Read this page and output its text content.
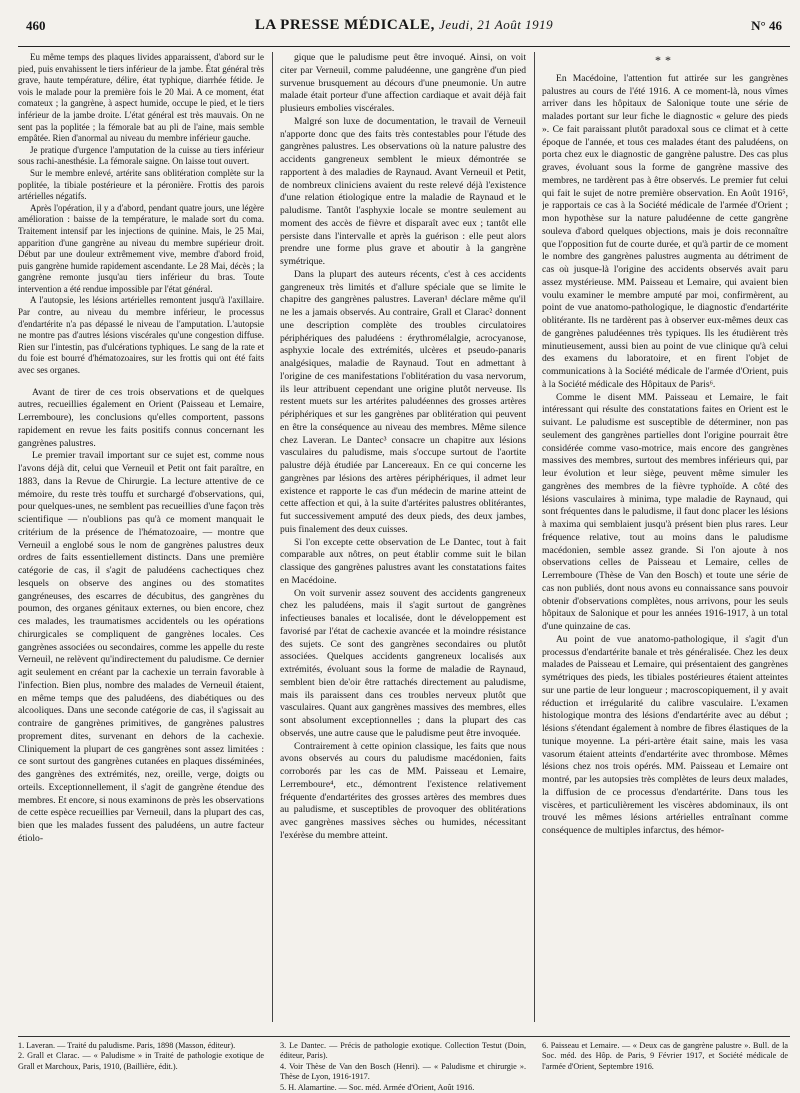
460	LA PRESSE MÉDICALE, Jeudi, 21 Août 1919	N° 46

Eu même temps des plaques livides apparaissent, d'abord sur le pied, puis envahissent le tiers inférieur de la jambe. État général très grave, haute température, délire, état typhique, diarrhée fétide. Je vois le malade pour la première fois le 20 Mai. A ce moment, état comateux ; la gangrène, à aspect humide, occupe le pied, et le tiers inférieur de la jambe droite. L'état général est très mauvais. On ne sent pas la poplitée ; la fémorale bat au pli de l'aine, mais semble empâtée. Rien d'anormal au niveau du membre inférieur gauche.

Je pratique d'urgence l'amputation de la cuisse au tiers inférieur sous rachi-anesthésie. La fémorale saigne. On laisse tout ouvert.

Sur le membre enlevé, artérite sans oblitération complète sur la poplitée, la tibiale postérieure et la péronière. Frottis des parois artérielles négatifs.

Après l'opération, il y a d'abord, pendant quatre jours, une légère amélioration : baisse de la température, le malade sort du coma. Traitement intensif par les injections de quinine. Mais, le 25 Mai, apparition d'une gangrène au niveau du membre supérieur droit. Début par une douleur extrêmement vive, membre d'abord froid, puis gangrène humide rapidement ascendante. Le 28 Mai, décès ; la gangrène remonte jusqu'au tiers inférieur du bras. Toute intervention a été rendue impossible par l'état général.

A l'autopsie, les lésions artérielles remontent jusqu'à l'axillaire. Par contre, au niveau du membre inférieur, le processus d'endartérite n'a pas dépassé le niveau de l'amputation. L'autopsie ne montre pas d'autres lésions viscérales qu'une congestion diffuse. Rien sur l'intestin, pas d'ulcérations typhiques. Le sang de la rate et du foie est bourré d'hématozoaires, sur les frottis qui ont été faits avec ses organes.

Avant de tirer de ces trois observations et de quelques autres, recueillies également en Orient (Paisseau et Lemaire, Lerremboure), les conclusions qu'elles comportent, passons rapidement en revue les faits positifs connus concernant les gangrènes palustres.

Le premier travail important sur ce sujet est, comme nous l'avons déjà dit, celui que Verneuil et Petit ont fait paraître, en 1883, dans la Revue de Chirurgie. La lecture attentive de ce mémoire, du reste très touffu et surchargé d'observations, qui, pour quelques-unes, ne semblent pas recueillies d'une façon très scientifique — n'oublions pas qu'à ce moment manquait le critérium de la présence de l'hématozoaire, — montre que Verneuil a englobé sous le nom de gangrènes palustres deux ordres de faits essentiellement distincts. Dans une première catégorie de cas, il s'agit de paludéens cachectiques chez lesquels on observe des angines ou des stomatites gangréneuses, des escarres de décubitus, des gangrènes du poumon, des organes génitaux externes, ou bien encore, chez ces malades, les traumatismes accidentels ou les opérations chirurgicales se compliquent de gangrènes locales. Ces gangrènes associées ou secondaires, comme les appelle du reste Verneuil, ne relèvent qu'indirectement du paludisme. Ce dernier agit seulement en créant par la cachexie un terrain favorable à l'infection. Bien plus, nombre des malades de Verneuil étaient, en même temps que des paludéens, des diabétiques ou des alcooliques. Dans une seconde catégorie de cas, il s'agissait au contraire de gangrènes primitives, de gangrènes palustres proprement dites, survenant en dehors de la cachexie. Cliniquement la plupart de ces gangrènes sont assez limitées : ce sont surtout des gangrènes cutanées en plaques disséminées, des gangrènes des extrémités, nez, oreille, verge, doigts ou orteils. Exceptionnellement, il s'agit de gangrène étendue des membres. Et encore, si nous examinons de près les observations de cette espèce recueillies par Verneuil, dans la plupart des cas, bien que les malades fussent des paludéens, un autre facteur étiolo-

gique que le paludisme peut être invoqué. Ainsi, on voit citer par Verneuil, comme paludéenne, une gangrène d'un pied survenue brusquement au décours d'une pneumonie. Un autre malade était porteur d'une affection cardiaque et avait déjà fait plusieurs embolies viscérales.

Malgré son luxe de documentation, le travail de Verneuil n'apporte donc que des faits très contestables pour l'étude des gangrènes palustres. Les observations où la nature palustre des accidents gangreneux semblent le mieux démontrée se rapportent à des maladies de Raynaud. Avant Verneuil et Petit, de nombreux cliniciens avaient du reste relevé déjà l'existence d'une relation étiologique entre la maladie de Raynaud et le paludisme. Tantôt l'asphyxie locale se montre seulement au moment des accès de fièvre et disparaît avec eux ; tantôt elle persiste dans l'intervalle et après la guérison : elle peut alors prendre une forme plus grave et aboutir à la gangrène symétrique.

Dans la plupart des auteurs récents, c'est à ces accidents gangreneux très limités et d'allure spéciale que se limite le chapitre des gangrènes palustres. Laveran¹ déclare même qu'il ne les a jamais observés. Au contraire, Grall et Clarac² donnent une description complète des troubles circulatoires périphériques des paludéens : érythromélalgie, acrocyanose, asphyxie locale des extrémités, ulcères et pseudo-panaris analgésiques, maladie de Raynaud. Tout en admettant à l'origine de ces manifestations l'oblitération du vasa nervorum, ils leur attribuent cependant une origine plutôt nerveuse. Ils restent muets sur les artérites paludéennes des grosses artères périphériques et sur les gangrènes par oblitération qui peuvent en être la conséquence au niveau des membres. Même silence chez Laveran. Le Dantec³ consacre un chapitre aux lésions vasculaires du paludisme, mais s'occupe surtout de l'aortite palustre déjà étudiée par Lancereaux. En ce qui concerne les gangrènes par lésions des artères périphériques, il admet leur existence et rapporte le cas d'un médecin de marine atteint de cette affection et qui, à la suite d'artérites palustres oblitérantes, fut successivement amputé des deux pieds, des deux jambes, puis finalement des deux cuisses.

Si l'on excepte cette observation de Le Dantec, tout à fait comparable aux nôtres, on peut établir comme suit le bilan classique des gangrènes palustres avant les constatations faites en Macédoine.

On voit survenir assez souvent des accidents gangreneux chez les paludéens, mais il s'agit surtout de gangrènes infectieuses banales et localisée, dont le développement est favorisé par l'état de cachexie avancée et la moindre résistance des sujets. Ce sont des gangrènes secondaires ou plutôt associées. Quelques accidents gangreneux localisés aux extrémités, évoluant sous la forme de maladie de Raynaud, semblent bien de'oir être rattachés directement au paludisme, mais ils paraissent dans ces troubles nerveux plutôt que vasculaires. Quant aux gangrènes massives des membres, elles sont absolument exceptionnelles ; dans la plupart des cas observés, une autre cause que le paludisme peut être invoquée.

Contrairement à cette opinion classique, les faits que nous avons observés au cours du paludisme macédonien, faits corroborés par les cas de MM. Paisseau et Lemaire, Lerremboure⁴, etc., démontrent l'existence relativement fréquente d'endartérites des grosses artères des membres dues au paludisme, et susceptibles de provoquer des oblitérations avec gangrènes massives sèches ou humides, nécessitant l'exérèse du membre atteint.

**

En Macédoine, l'attention fut attirée sur les gangrènes palustres au cours de l'été 1916. A ce moment-là, nous vîmes arriver dans les hôpitaux de Salonique toute une série de malades portant sur leur fiche le diagnostic « gelure des pieds ». Ce fait paraissant plutôt paradoxal sous ce climat et à cette époque de l'année, et tous ces malades étant des paludéens, on porta chez eux le diagnostic de gangrène palustre. Des cas plus graves, évoluant sous la forme de gangrène massive des membres, ne tardèrent pas à être observés. Le premier fut celui qui fait le sujet de notre première observation. En Août 1916⁵, je rapportais ce cas à la Société médicale de l'armée d'Orient ; mon hypothèse sur la nature paludéenne de cette gangrène souleva d'abord quelques objections, mais je dois reconnaître que l'opposition fut de courte durée, et qu'à partir de ce moment le nombre des gangrènes palustres augmenta au détriment de cas où jusque-là l'origine des accidents observés avait paru assez mystérieuse. MM. Paisseau et Lemaire, qui avaient bien voulu examiner le membre amputé par moi, confirmèrent, au point de vue anatomo-pathologique, le diagnostic d'endartérite oblitérante. Ils ne tardèrent pas à observer eux-mêmes deux cas de gangrènes paludéennes très typiques. Ils les étudièrent très minutieusement, aussi bien au point de vue clinique qu'à celui des examens du laboratoire, et en firent l'objet de communications à la Société médicale de l'armée d'Orient, puis à la Société médicale des Hôpitaux de Paris⁶.

Comme le disent MM. Paisseau et Lemaire, le fait intéressant qui résulte des constatations faites en Orient est le suivant. Le paludisme est susceptible de déterminer, non pas seulement des gangrènes partielles dont l'origine pourrait être considérée comme vaso-motrice, mais encore des gangrènes massives des membres, surtout des membres inférieurs qui, par leur évolution et leur siège, peuvent même simuler les gangrènes des membres de la fièvre typhoïde. A côté des lésions vasculaires à minima, type maladie de Raynaud, qui sont fréquentes dans le paludisme, il faut donc placer les lésions à maxima qui semblaient jusqu'à présent bien plus rares. Leur fréquence relative, tout au moins dans le paludisme macédonien, semble assez grande. Si l'on ajoute à nos observations celles de Paisseau et Lemaire, celles de Lerremboure (Thèse de Van den Bosch) et toute une série de cas non publiés, dont nous avons eu connaissance sans pouvoir obtenir d'observations complètes, nous arrivons, pour les seuls hôpitaux de Salonique et pour les années 1916-1917, à un total d'une quinzaine de cas.

Au point de vue anatomo-pathologique, il s'agit d'un processus d'endartérite banale et très généralisée. Chez les deux malades de Paisseau et Lemaire, qui présentaient des gangrènes symétriques des pieds, les tibiales postérieures étaient atteintes sur une partie de leur longueur ; macroscopiquement, il y avait réduction et irrégularité du calibre vasculaire. L'examen histologique montra des lésions d'endartérite avec au début ; lésions s'étendant également à nombre de fibres élastiques de la tunique moyenne. La péri-artère était saine, mais les vasa vasorum étaient atteints d'endartérite avec thrombose. Mêmes lésions chez nos trois opérés. MM. Paisseau et Lemaire ont montré, par les autopsies très complètes de leurs deux malades, la diffusion de ce processus d'endartérite. Dans tous les viscères, et particulièrement les viscères abdominaux, ils ont trouvé les mêmes lésions artérielles entraînant comme conséquence de multiples infarctus, des hémor-

1. Laveran. — Traité du paludisme. Paris, 1898 (Masson, éditeur).
2. Grall et Clarac. — « Paludisme » in Traité de pathologie exotique de Grall et Marchoux, Paris, 1910, (Baillière, édit.).
3. Le Dantec. — Précis de pathologie exotique. Collection Testut (Doin, éditeur, Paris).
4. Voir Thèse de Van den Bosch (Henri). — « Paludisme et chirurgie ». Thèse de Lyon, 1916-1917.
5. H. Alamartine. — Soc. méd. Armée d'Orient, Août 1916.
6. Paisseau et Lemaire. — « Deux cas de gangrène palustre ». Bull. de la Soc. méd. des Hôp. de Paris, 9 Février 1917, et Société médicale de l'armée d'Orient, Septembre 1916.
